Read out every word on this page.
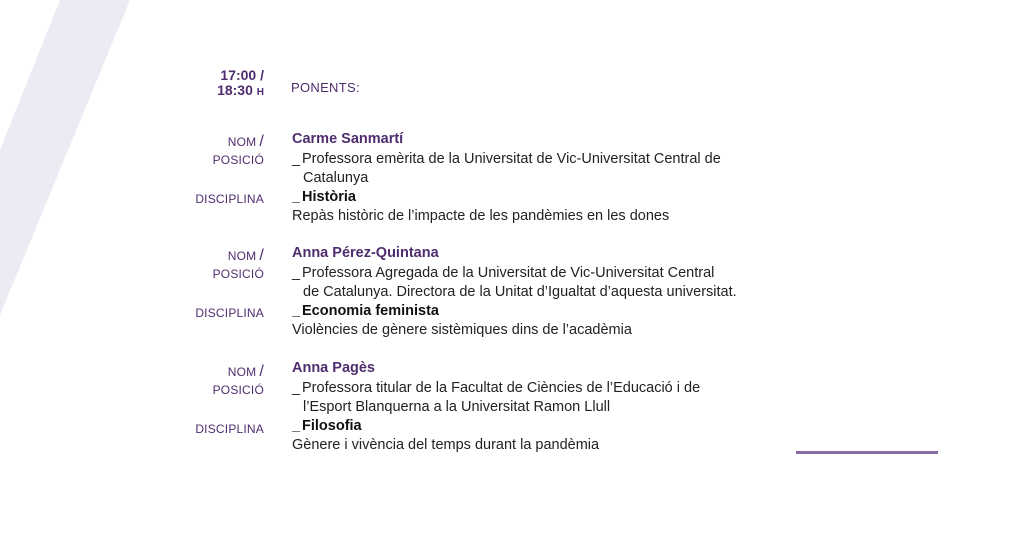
17:00 /
18:30 H PONENTS:
NOM /
POSICIÓ
DISCIPLINA
Carme Sanmartí
_ Professora emèrita de la Universitat de Vic-Universitat Central de
Catalunya
_ Història
Repàs històric de l’impacte de les pandèmies en les dones
NOM /
POSICIÓ
DISCIPLINA
Anna Pérez-Quintana
_ Professora Agregada de la Universitat de Vic-Universitat Central
de Catalunya. Directora de la Unitat d’Igualtat d’aquesta universitat.
_ Economia feminista
Violències de gènere sistèmiques dins de l’acadèmia
NOM /
POSICIÓ
DISCIPLINA
Anna Pagès
_ Professora titular de la Facultat de Ciències de l’Educació i de
l’Esport Blanquerna a la Universitat Ramon Llull
_ Filosofia
Gènere i vivència del temps durant la pandèmia
